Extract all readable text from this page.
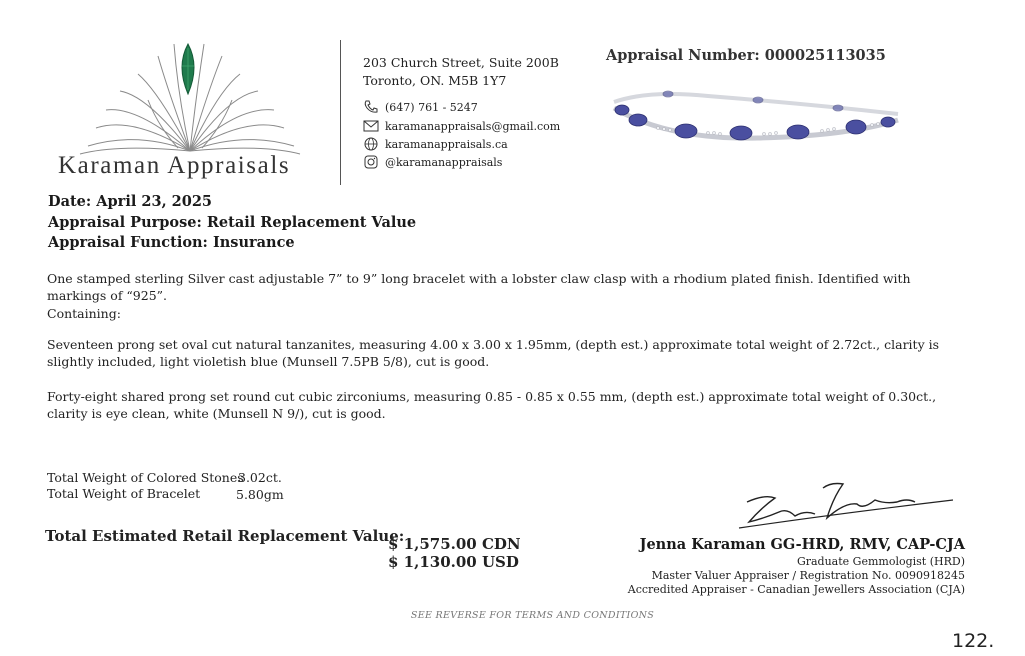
Karaman Appraisals
203 Church Street, Suite 200B
Toronto, ON. M5B 1Y7
(647) 761 - 5247
karamanappraisals@gmail.com
karamanappraisals.ca
@karamanappraisals
Appraisal Number: 000025113035
Date: April 23, 2025
Appraisal Purpose: Retail Replacement Value
Appraisal Function: Insurance
One stamped sterling Silver cast adjustable 7” to 9” long bracelet with a lobster claw clasp with a rhodium plated finish. Identified with markings of “925”.
Containing:
Seventeen prong set oval cut natural tanzanites, measuring 4.00 x 3.00 x 1.95mm, (depth est.) approximate total weight of 2.72ct., clarity is slightly included, light violetish blue (Munsell 7.5PB 5/8), cut is good.
Forty-eight shared prong set round cut cubic zirconiums, measuring 0.85 - 0.85 x 0.55 mm, (depth est.) approximate total weight of 0.30ct., clarity is eye clean, white (Munsell N 9/), cut is good.
Total Weight of Colored Stones
3.02ct.
Total Weight of Bracelet	5.80gm
Total Estimated Retail Replacement Value:
$ 1,575.00 CDN
$ 1,130.00 USD
Jenna Karaman GG-HRD, RMV, CAP-CJA
Graduate Gemmologist (HRD)
Master Valuer Appraiser / Registration No. 0090918245
Accredited Appraiser - Canadian Jewellers Association (CJA)
SEE REVERSE FOR TERMS AND CONDITIONS
122.
